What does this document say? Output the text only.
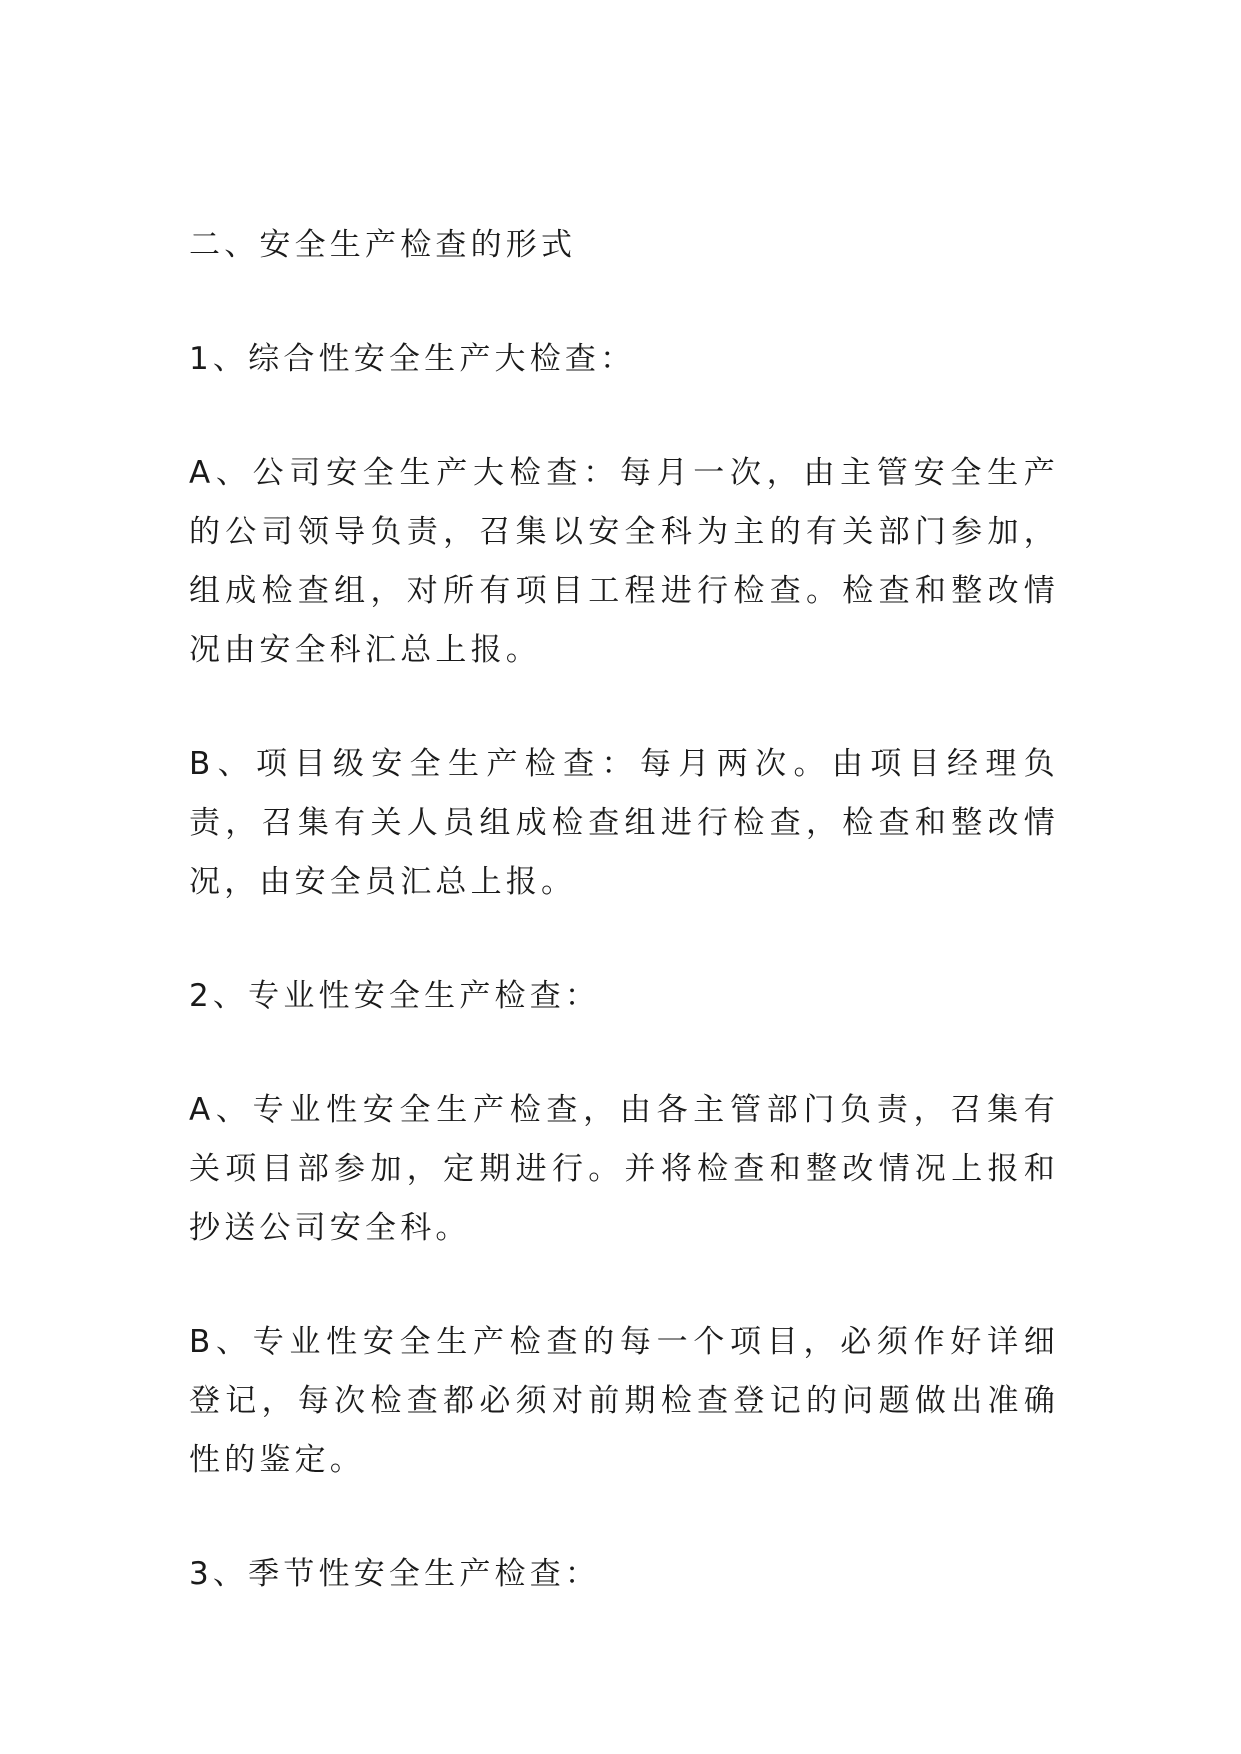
二、安全生产检查的形式
1、综合性安全生产大检查：
A、公司安全生产大检查：每月一次，由主管安全生产的公司领导负责，召集以安全科为主的有关部门参加，组成检查组，对所有项目工程进行检查。检查和整改情况由安全科汇总上报。
B、项目级安全生产检查：每月两次。由项目经理负责，召集有关人员组成检查组进行检查，检查和整改情况，由安全员汇总上报。
2、专业性安全生产检查：
A、专业性安全生产检查，由各主管部门负责，召集有关项目部参加，定期进行。并将检查和整改情况上报和抄送公司安全科。
B、专业性安全生产检查的每一个项目，必须作好详细登记，每次检查都必须对前期检查登记的问题做出准确性的鉴定。
3、季节性安全生产检查：
